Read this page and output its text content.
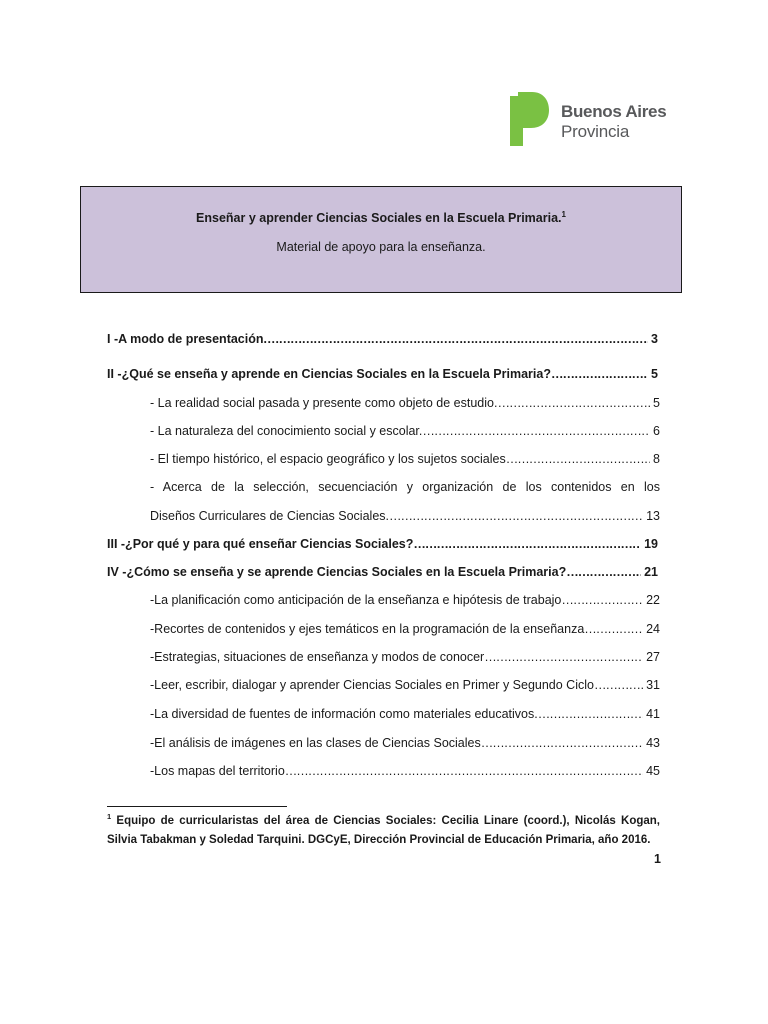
Buenos Aires
Provincia
Enseñar y aprender Ciencias Sociales en la Escuela Primaria.$^1$
Material de apoyo para la enseñanza.
I -A modo de presentación. ………………………………………………………………………………………………………………………………………………………………………………	3
II -¿Qué se enseña y aprende en Ciencias Sociales en la Escuela Primaria? ………………………………………………………………………………………………………………………………………………………………………………	5
- La realidad social pasada y presente como objeto de estudio. ………………………………………………………………………………………………………………………………………………………………………………	5
- La naturaleza del conocimiento social y escolar. ………………………………………………………………………………………………………………………………………………………………………………	6
- El tiempo histórico, el espacio geográfico y los sujetos sociales ………………………………………………………………………………………………………………………………………………………………………………	8
- Acerca de la selección, secuenciación y organización de los contenidos en los
Diseños Curriculares de Ciencias Sociales. ………………………………………………………………………………………………………………………………………………………………………………	13
III -¿Por qué y para qué enseñar Ciencias Sociales? ………………………………………………………………………………………………………………………………………………………………………………	19
IV -¿Cómo se enseña y se aprende Ciencias Sociales en la Escuela Primaria? ………………………………………………………………………………………………………………………………………………………………………………	21
-La planificación como anticipación de la enseñanza e hipótesis de trabajo ………………………………………………………………………………………………………………………………………………………………………………	22
-Recortes de contenidos y ejes temáticos en la programación de la enseñanza ………………………………………………………………………………………………………………………………………………………………………………	24
-Estrategias, situaciones de enseñanza y modos de conocer ………………………………………………………………………………………………………………………………………………………………………………	27
-Leer, escribir, dialogar y aprender Ciencias Sociales en Primer y Segundo Ciclo ………………………………………………………………………………………………………………………………………………………………………………	31
-La diversidad de fuentes de información como materiales educativos. ………………………………………………………………………………………………………………………………………………………………………………	41
-El análisis de imágenes en las clases de Ciencias Sociales ………………………………………………………………………………………………………………………………………………………………………………	43
-Los mapas del territorio ………………………………………………………………………………………………………………………………………………………………………………	45
$^1$ Equipo de curricularistas del área de Ciencias Sociales: Cecilia Linare (coord.), Nicolás Kogan, Silvia Tabakman y Soledad Tarquini. DGCyE, Dirección Provincial de Educación Primaria, año 2016.
1
